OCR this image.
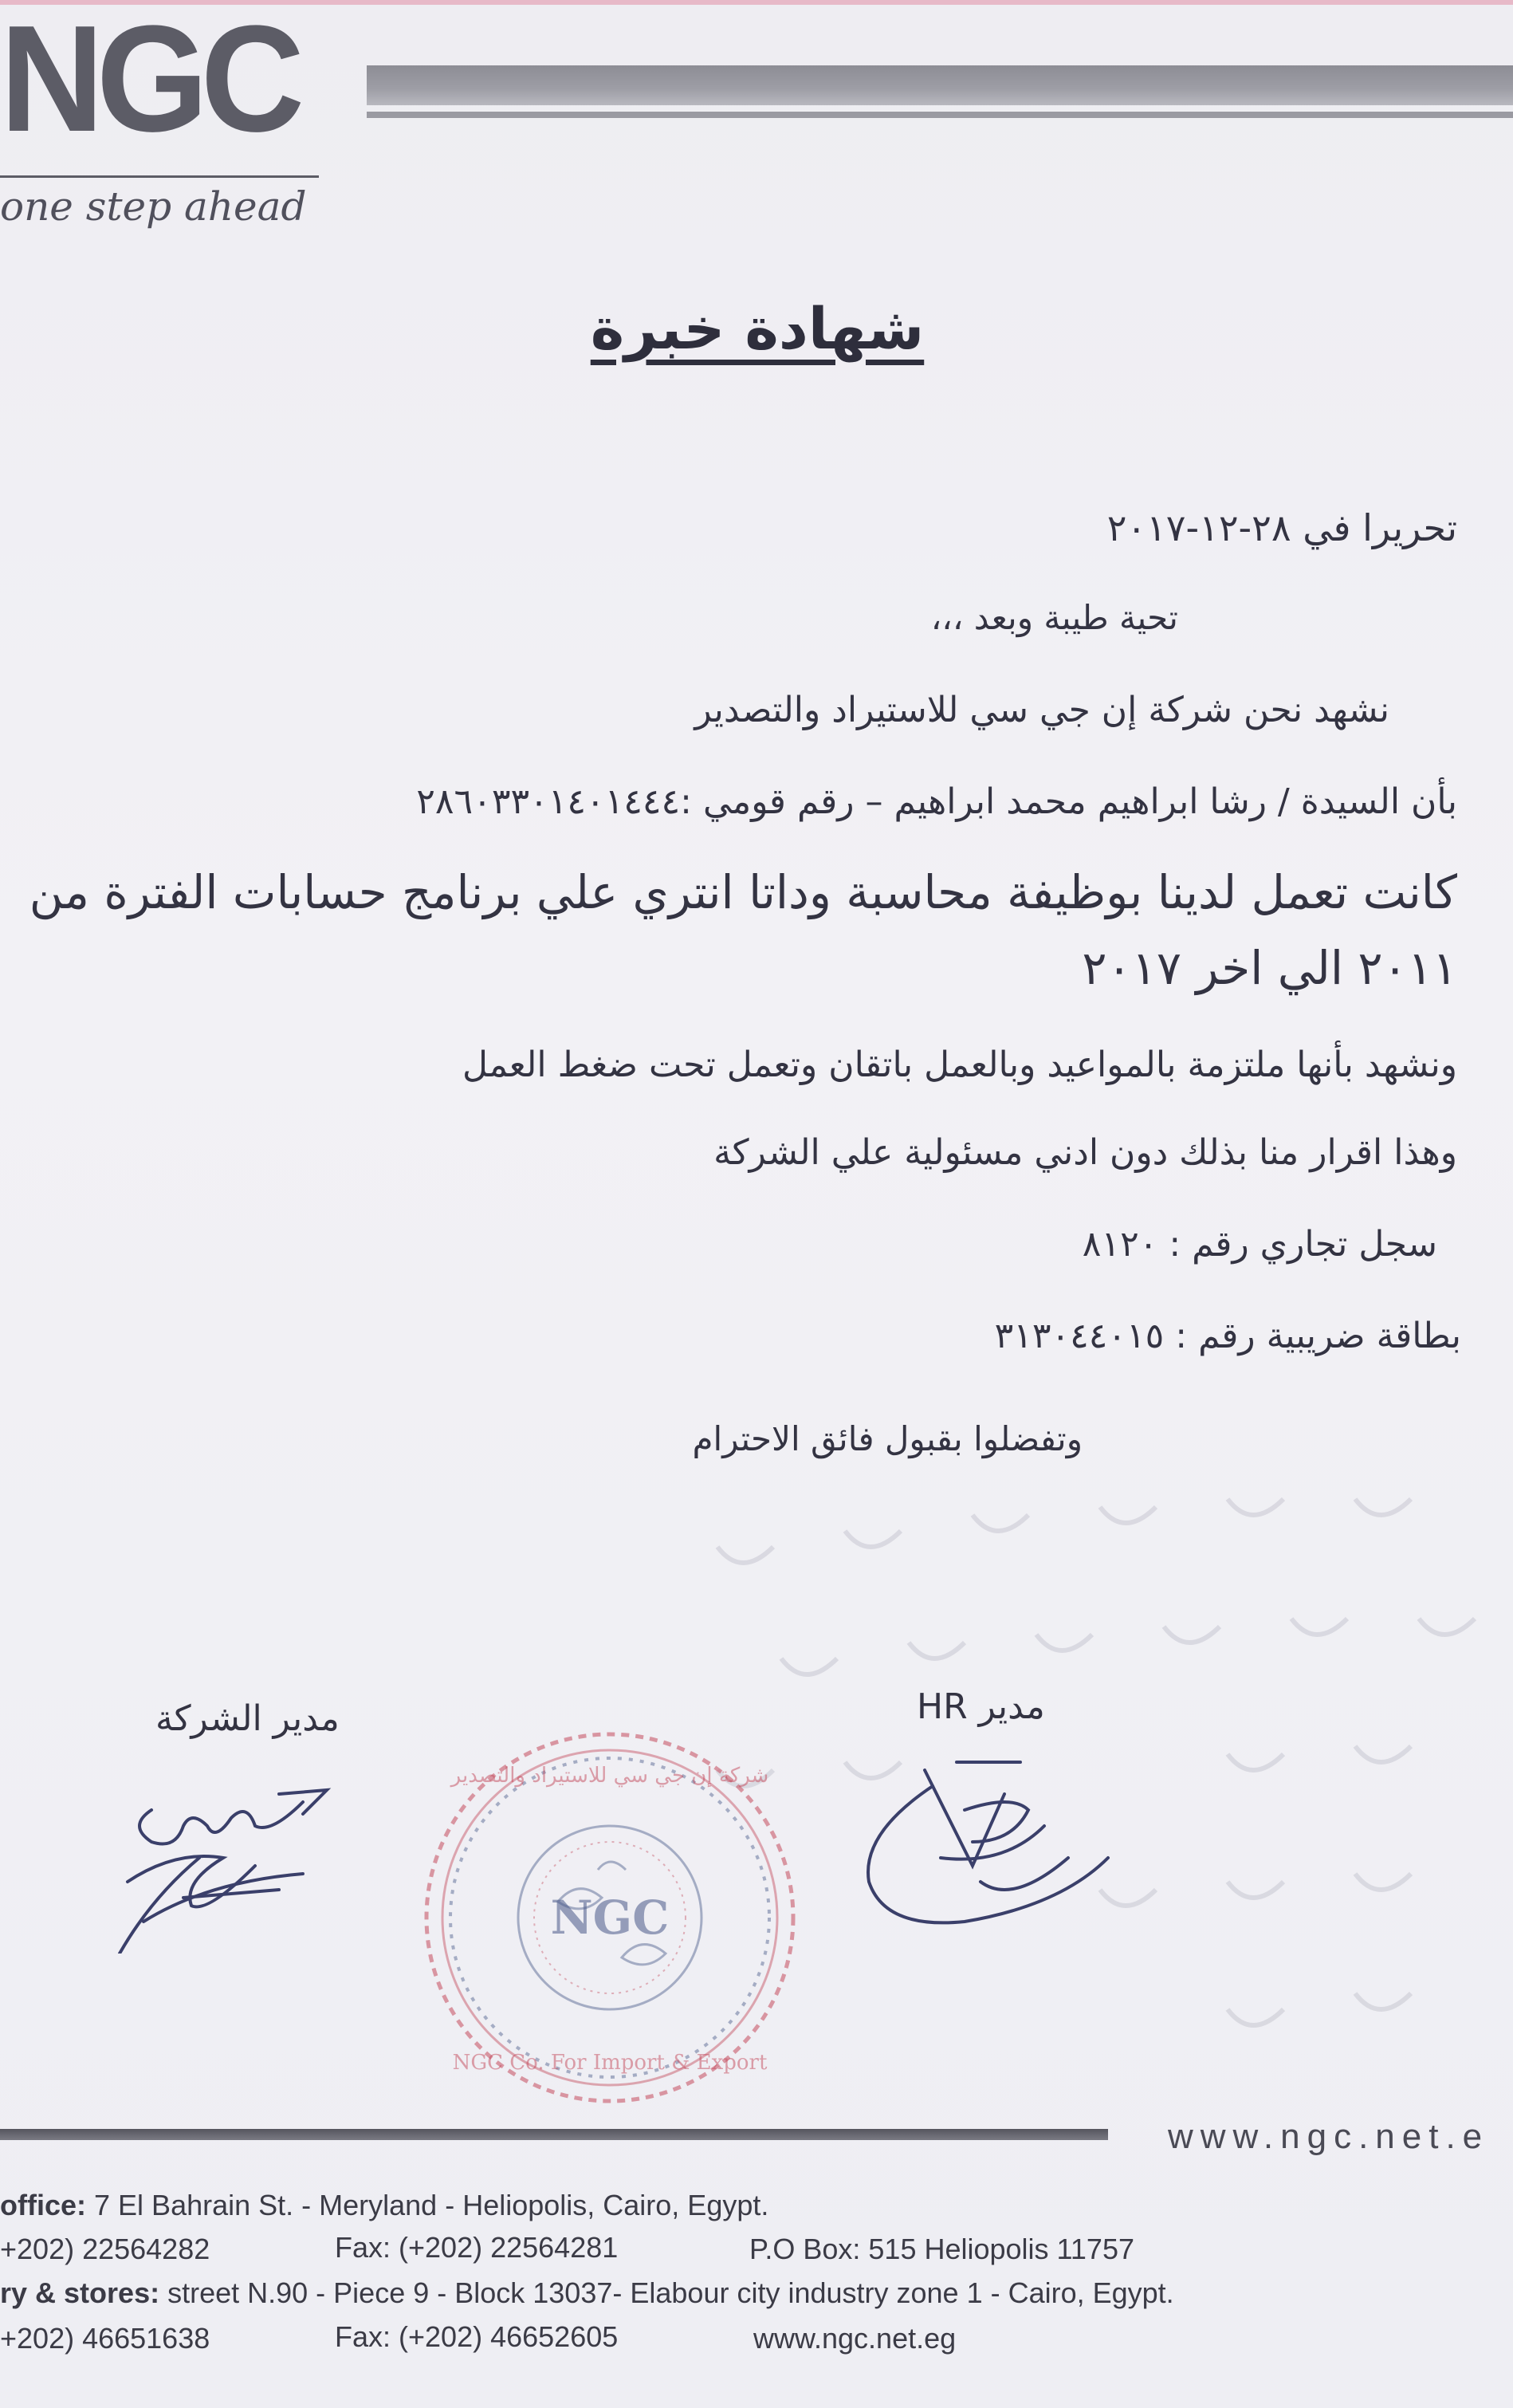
NGC
one step ahead
شهادة خبرة
تحريرا في ٢٨-١٢-٢٠١٧
تحية طيبة وبعد ،،،
نشهد نحن شركة إن جي سي للاستيراد والتصدير
بأن السيدة / رشا ابراهيم محمد ابراهيم – رقم قومي :٢٨٦٠٣٣٠١٤٠١٤٤٤
كانت تعمل لدينا بوظيفة محاسبة وداتا انتري علي برنامج حسابات الفترة من
٢٠١١ الي اخر ٢٠١٧
ونشهد بأنها ملتزمة بالمواعيد وبالعمل باتقان وتعمل تحت ضغط العمل
وهذا اقرار منا بذلك دون ادني مسئولية علي الشركة
سجل تجاري رقم : ٨١٢٠
بطاقة ضريبية رقم : ٣١٣٠٤٤٠١٥
وتفضلوا بقبول فائق الاحترام
مدير الشركة	مدير HR
NGC
شركة إن جي سي للاستيراد والتصدير
NGC Co. For Import & Export
www.ngc.net.e
office: 7 El Bahrain St. - Meryland - Heliopolis, Cairo, Egypt.
+202) 22564282	Fax: (+202) 22564281	P.O Box: 515 Heliopolis 11757
ry & stores: street N.90 - Piece 9 - Block 13037- Elabour city industry zone 1 - Cairo, Egypt.
+202) 46651638	Fax: (+202) 46652605	www.ngc.net.eg
